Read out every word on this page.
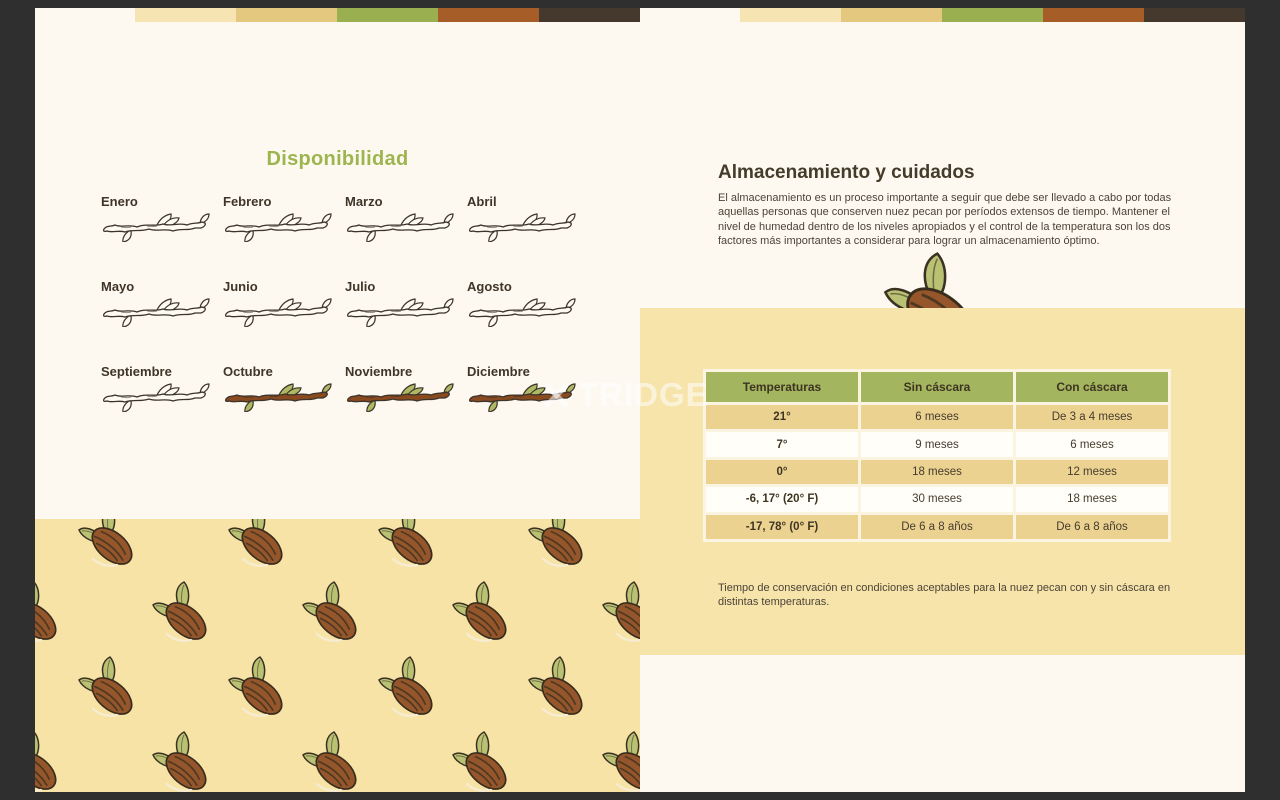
Disponibilidad
Enero	Febrero	Marzo	Abril
Mayo	Junio	Julio	Agosto
Septiembre	Octubre	Noviembre	Diciembre
Almacenamiento y cuidados

El almacenamiento es un proceso importante a seguir que debe ser llevado a cabo por todas aquellas personas que conserven nuez pecan por períodos extensos de tiempo. Mantener el nivel de humedad dentro de los niveles apropiados y el control de la temperatura son los dos factores más importantes a considerar para lograr un almacenamiento óptimo.

Temperaturas	Sin cáscara	Con cáscara
21°	6 meses	De 3 a 4 meses
7°	9 meses	6 meses
0°	18 meses	12 meses
-6, 17° (20° F)	30 meses	18 meses
-17, 78° (0° F)	De 6 a 8 años	De 6 a 8 años

Tiempo de conservación en condiciones aceptables para la nuez pecan con y sin cáscara en distintas temperaturas.

TRIDGE
